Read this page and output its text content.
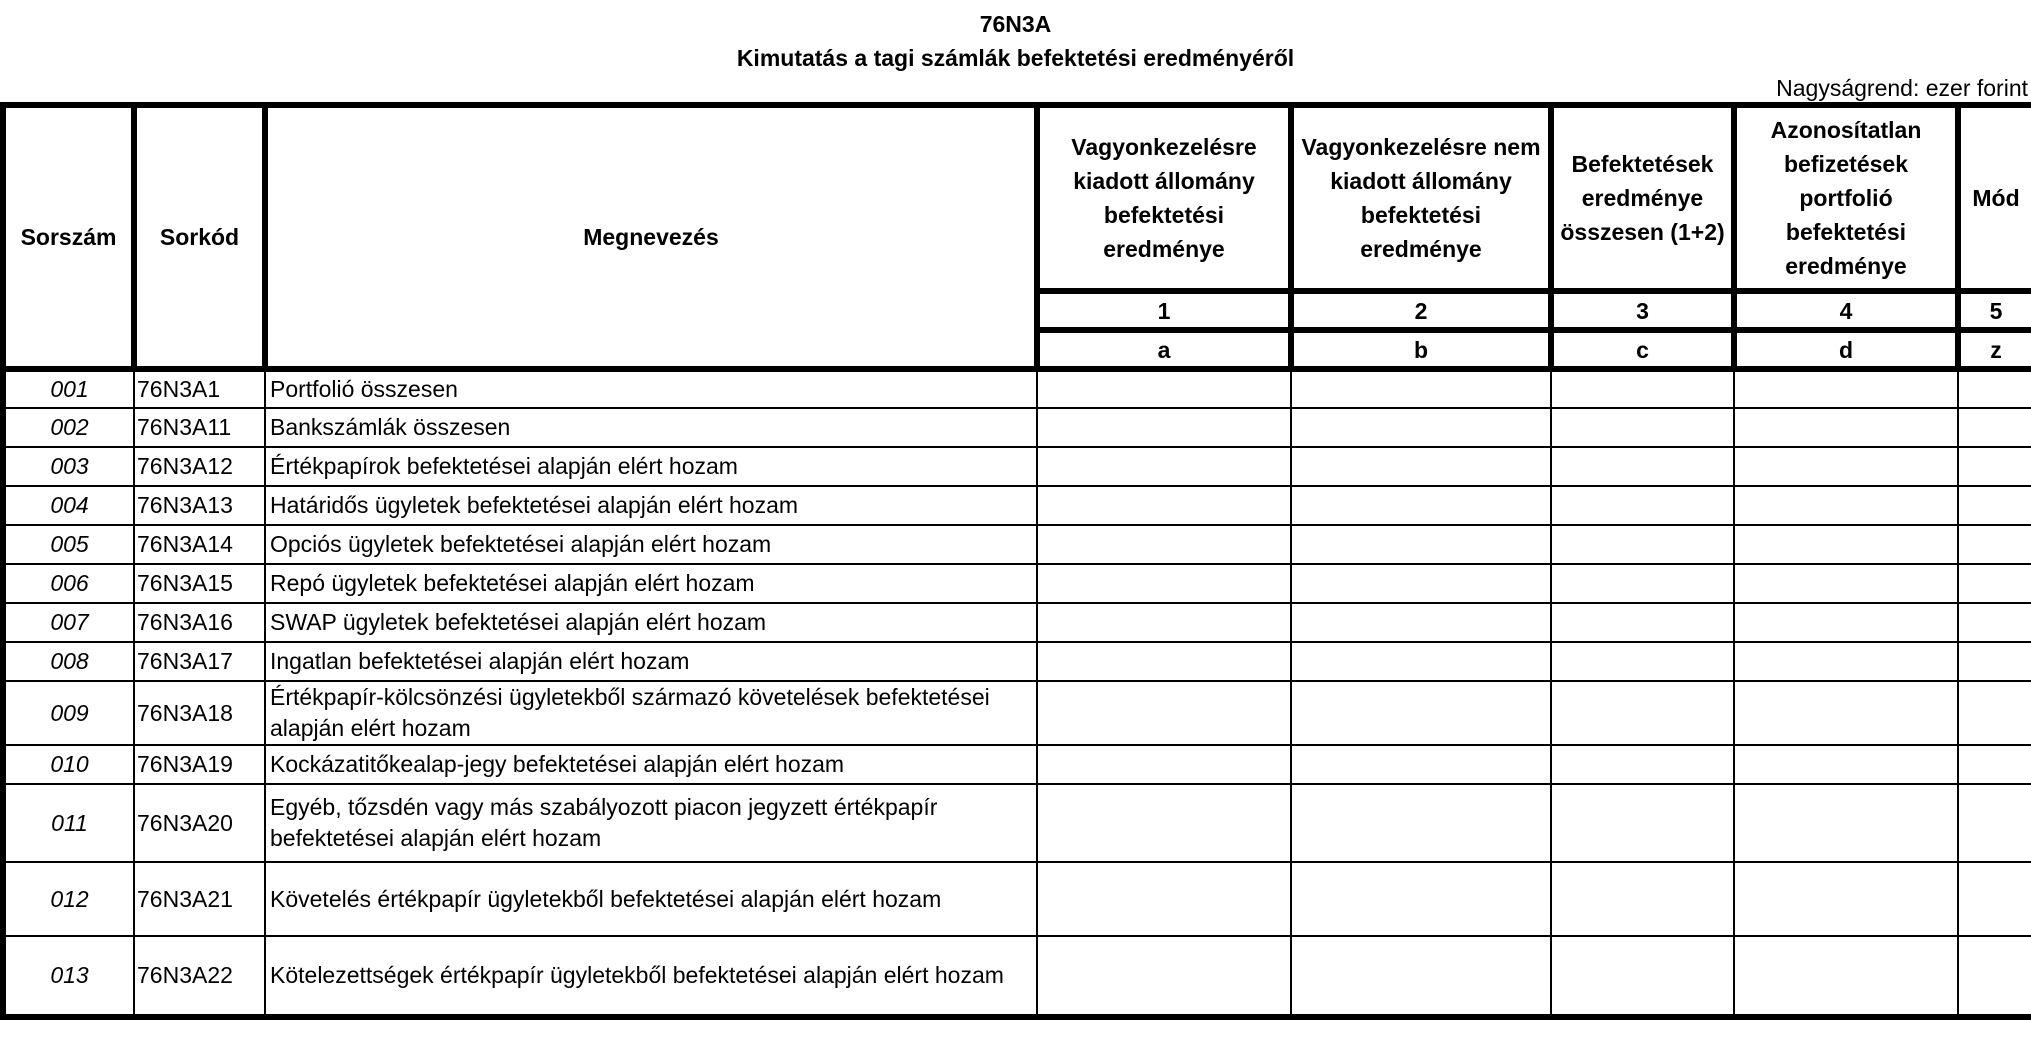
76N3A
Kimutatás a tagi számlák befektetési eredményéről
Nagyságrend: ezer forint
Sorszám	Sorkód	Megnevezés	Vagyonkezelésre kiadott állomány befektetési eredménye	Vagyonkezelésre nem kiadott állomány befektetési eredménye	Befektetések eredménye összesen (1+2)	Azonosítatlan befizetések portfolió befektetési eredménye	Mód
			1	2	3	4	5
			a	b	c	d	z
001	76N3A1	Portfolió összesen					
002	76N3A11	Bankszámlák összesen					
003	76N3A12	Értékpapírok befektetései alapján elért hozam					
004	76N3A13	Határidős ügyletek befektetései alapján elért hozam					
005	76N3A14	Opciós ügyletek befektetései alapján elért hozam					
006	76N3A15	Repó ügyletek befektetései alapján elért hozam					
007	76N3A16	SWAP ügyletek befektetései alapján elért hozam					
008	76N3A17	Ingatlan befektetései alapján elért hozam					
009	76N3A18	Értékpapír-kölcsönzési ügyletekből származó követelések befektetései alapján elért hozam					
010	76N3A19	Kockázatitőkealap-jegy befektetései alapján elért hozam					
011	76N3A20	Egyéb, tőzsdén vagy más szabályozott piacon jegyzett értékpapír befektetései alapján elért hozam					
012	76N3A21	Követelés értékpapír ügyletekből befektetései alapján elért hozam					
013	76N3A22	Kötelezettségek értékpapír ügyletekből befektetései alapján elért hozam					
